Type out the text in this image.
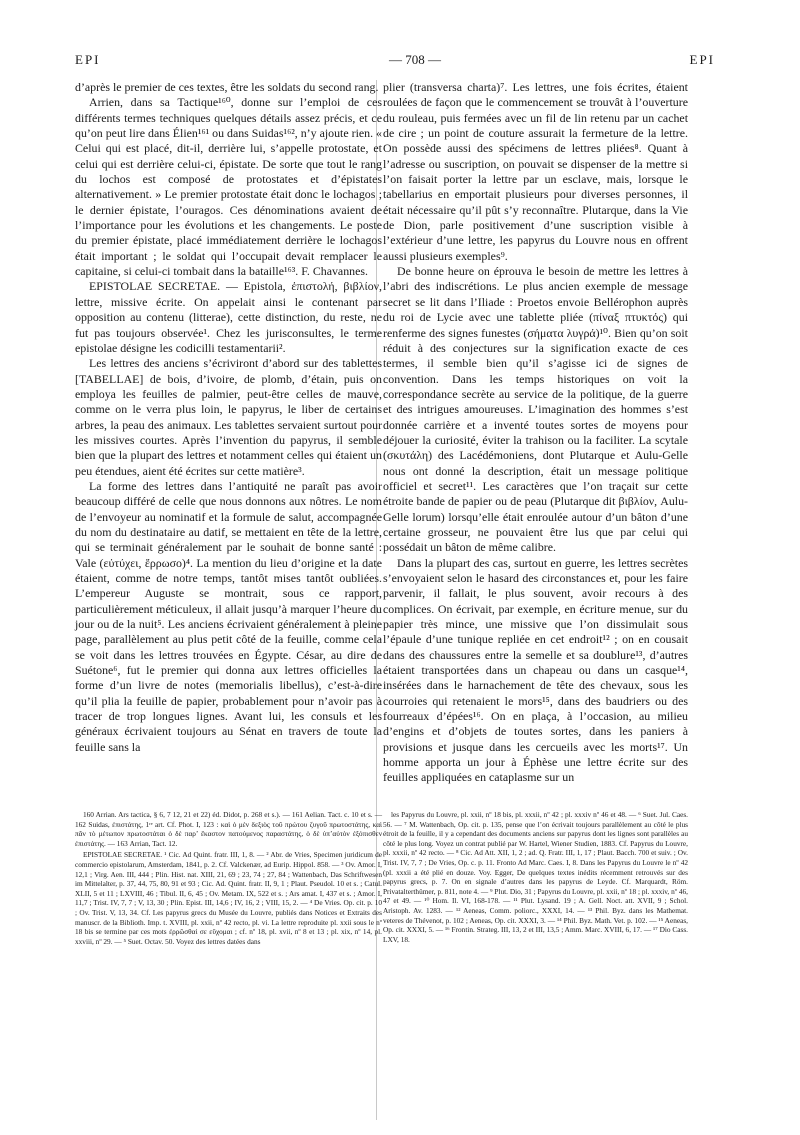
EPI	— 708 —	EPI

d’après le premier de ces textes, être les soldats du second rang.

Arrien, dans sa Tactique¹⁶⁰, donne sur l’emploi de ces différents termes techniques quelques détails assez précis, et ce qu’on peut lire dans Élien¹⁶¹ ou dans Suidas¹⁶², n’y ajoute rien. « Celui qui est placé, dit-il, derrière lui, s’appelle protostate, et celui qui est derrière celui-ci, épistate. De sorte que tout le rang du lochos est composé de protostates et d’épistates alternativement. » Le premier protostate était donc le lochagos ; le dernier épistate, l’ouragos. Ces dénominations avaient de l’importance pour les évolutions et les changements. Le poste du premier épistate, placé immédiatement derrière le lochagos était important ; le soldat qui l’occupait devait remplacer le capitaine, si celui-ci tombait dans la bataille¹⁶³. F. Chavannes.

EPISTOLAE SECRETAE. — Epistola, ἐπιστολή, βιβλίον, lettre, missive écrite. On appelait ainsi le contenant par opposition au contenu (litterae), cette distinction, du reste, ne fut pas toujours observée¹. Chez les jurisconsultes, le terme epistolae désigne les codicilli testamentarii².

Les lettres des anciens s’écriviront d’abord sur des tablettes [TABELLAE] de bois, d’ivoire, de plomb, d’étain, puis on employa les feuilles de palmier, peut-être celles de mauve, comme on le verra plus loin, le papyrus, le liber de certains arbres, la peau des animaux. Les tablettes servaient surtout pour les missives courtes. Après l’invention du papyrus, il semble bien que la plupart des lettres et notamment celles qui étaient un peu étendues, aient été écrites sur cette matière³.

La forme des lettres dans l’antiquité ne paraît pas avoir beaucoup différé de celle que nous donnons aux nôtres. Le nom de l’envoyeur au nominatif et la formule de salut, accompagnée du nom du destinataire au datif, se mettaient en tête de la lettre, qui se terminait généralement par le souhait de bonne santé : Vale (εὐτύχει, ἔρρωσο)⁴. La mention du lieu d’origine et la date étaient, comme de notre temps, tantôt mises tantôt oubliées. L’empereur Auguste se montrait, sous ce rapport, particulièrement méticuleux, il allait jusqu’à marquer l’heure du jour ou de la nuit⁵. Les anciens écrivaient généralement à pleine page, parallèlement au plus petit côté de la feuille, comme cela se voit dans les lettres trouvées en Égypte. César, au dire de Suétone⁶, fut le premier qui donna aux lettres officielles la forme d’un livre de notes (memorialis libellus), c’est-à-dire qu’il plia la feuille de papier, probablement pour n’avoir pas à tracer de trop longues lignes. Avant lui, les consuls et les généraux écrivaient toujours au Sénat en travers de toute la feuille sans la

plier (transversa charta)⁷. Les lettres, une fois écrites, étaient roulées de façon que le commencement se trouvât à l’ouverture du rouleau, puis fermées avec un fil de lin retenu par un cachet de cire ; un point de couture assurait la fermeture de la lettre. On possède aussi des spécimens de lettres pliées⁸. Quant à l’adresse ou suscription, on pouvait se dispenser de la mettre si l’on faisait porter la lettre par un esclave, mais, lorsque le tabellarius en emportait plusieurs pour diverses personnes, il était nécessaire qu’il pût s’y reconnaître. Plutarque, dans la Vie de Dion, parle positivement d’une suscription visible à l’extérieur d’une lettre, les papyrus du Louvre nous en offrent aussi plusieurs exemples⁹.

De bonne heure on éprouva le besoin de mettre les lettres à l’abri des indiscrétions. Le plus ancien exemple de message secret se lit dans l’Iliade : Proetos envoie Bellérophon auprès du roi de Lycie avec une tablette pliée (πίναξ πτυκτός) qui renferme des signes funestes (σήματα λυγρά)¹⁰. Bien qu’on soit réduit à des conjectures sur la signification exacte de ces termes, il semble bien qu’il s’agisse ici de signes de convention. Dans les temps historiques on voit la correspondance secrète au service de la politique, de la guerre et des intrigues amoureuses. L’imagination des hommes s’est donnée carrière et a inventé toutes sortes de moyens pour déjouer la curiosité, éviter la trahison ou la faciliter. La scytale (σκυτάλη) des Lacédémoniens, dont Plutarque et Aulu-Gelle nous ont donné la description, était un message politique officiel et secret¹¹. Les caractères que l’on traçait sur cette étroite bande de papier ou de peau (Plutarque dit βιβλίον, Aulu-Gelle lorum) lorsqu’elle était enroulée autour d’un bâton d’une certaine grosseur, ne pouvaient être lus que par celui qui possédait un bâton de même calibre.

Dans la plupart des cas, surtout en guerre, les lettres secrètes s’envoyaient selon le hasard des circonstances et, pour les faire parvenir, il fallait, le plus souvent, avoir recours à des complices. On écrivait, par exemple, en écriture menue, sur du papier très mince, une missive que l’on dissimulait sous l’épaule d’une tunique repliée en cet endroit¹² ; on en cousait dans des chaussures entre la semelle et sa doublure¹³, d’autres étaient transportées dans un chapeau ou dans un casque¹⁴, insérées dans le harnachement de tête des chevaux, sous les courroies qui retenaient le mors¹⁵, dans des baudriers ou des fourreaux d’épées¹⁶. On en plaça, à l’occasion, au milieu d’engins et d’objets de toutes sortes, dans les paniers à provisions et jusque dans les cercueils avec les morts¹⁷. Un homme apporta un jour à Éphèse une lettre écrite sur des feuilles appliquées en cataplasme sur un

160 Arrian. Ars tactica, § 6, 7 12, 21 et 22) éd. Didot, p. 268 et s.). — 161 Aelian. Tact. c. 10 et s. — 162 Suidas, ἐπιστάτης, 1ʳᵉ art. Cf. Phot. I, 123 : καὶ ὁ μὲν δεξιὸς τοῦ πρώτου ζυγοῦ πρωτοστάτης, καὶ πᾶν τὸ μέτωπον πρωτοστάται ὁ δὲ παρ’ ἕκαστον πατούμενος παραστάτης, ὁ δὲ ὑπ’αὐτὸν ἐξόπισθεν ἐπιστάτης. — 163 Arrian, Tact. 12.

EPISTOLAE SECRETAE. ¹ Cic. Ad Quint. fratr. III, 1, 8. — ² Abr. de Vries, Specimen juridicum de commercio epistolarum, Amsterdam, 1841, p. 2. Cf. Valckenær, ad Eurip. Hippol. 858. — ³ Ov. Amor. I, 12,1 ; Virg. Aen. III, 444 ; Plin. Hist. nat. XIII, 21, 69 ; 23, 74 ; 27, 84 ; Wattenbach, Das Schriftwesen im Mittelalter, p. 37, 44, 75, 80, 91 et 93 ; Cic. Ad. Quint. fratr. II, 9, 1 ; Plaut. Pseudol. 10 et s. ; Catul. XLII, 5 et 11 ; LXVIII, 46 ; Tibul. II, 6, 45 ; Ov. Metam. IX, 522 et s. ; Ars amat. I, 437 et s. ; Amor. I, 11,7 ; Trist. IV, 7, 7 ; V, 13, 30 ; Plin. Epist. III, 14,6 ; IV, 16, 2 ; VIII, 15, 2. — ⁴ De Vries. Op. cit. p. 10 ; Ov. Trist. V, 13, 34. Cf. Les papyrus grecs du Musée du Louvre, publiés dans Notices et Extraits des manuscr. de la Biblioth. Imp. t. XVIII, pl. xxii, nº 42 recto, pl. vi. La lettre reproduite pl. xxii sous le nº 18 bis se termine par ces mots ἐρρῶσθαί σε εὔχομαι ; cf. nº 18, pl. xvii, nº 8 et 13 ; pl. xix, nº 14, pl. xxviii, nº 29. — ⁵ Suet. Octav. 50. Voyez des lettres datées dans

les Papyrus du Louvre, pl. xxii, nº 18 bis, pl. xxxii, nº 42 ; pl. xxxiv nº 46 et 48. — ⁶ Suet. Jul. Caes. 56. — ⁷ M. Wattenbach, Op. cit. p. 135, pense que l’on écrivait toujours parallèlement au côté le plus étroit de la feuille, il y a cependant des documents anciens sur papyrus dont les lignes sont parallèles au côté le plus long. Voyez un contrat publié par W. Hartel, Wiener Studien, 1883. Cf. Papyrus du Louvre, pl. xxxii, nº 42 recto. — ⁸ Cic. Ad Att. XII, 1, 2 ; ad. Q. Fratr. III, 1, 17 ; Plaut. Bacch. 700 et suiv. ; Ov. Trist. IV, 7, 7 ; De Vries, Op. c. p. 11. Fronto Ad Marc. Caes. I, 8. Dans les Papyrus du Louvre le nº 42 (pl. xxxii a été plié en douze. Voy. Egger, De quelques textes inédits récemment retrouvés sur des papyrus grecs, p. 7. On en signale d’autres dans les papyrus de Leyde. Cf. Marquardt, Röm. Privatalterthümer, p. 811, note 4. — ⁹ Plut. Dio, 31 ; Papyrus du Louvre, pl. xxii, nº 18 ; pl. xxxiv, nº 46, 47 et 49. — ¹⁰ Hom. Il. VI, 168-178. — ¹¹ Plut. Lysand. 19 ; A. Gell. Noct. att. XVII, 9 ; Schol. Aristoph. Av. 1283. — ¹² Aeneas, Comm. poliorc., XXXI, 14. — ¹³ Phil. Byz. dans les Mathemat. veteres de Thévenot, p. 102 ; Aeneas, Op. cit. XXXI, 3. — ¹⁴ Phil. Byz. Math. Vet. p. 102. — ¹⁵ Aeneas, Op. cit. XXXI, 5. — ¹⁶ Frontin. Strateg. III, 13, 2 et III, 13,5 ; Amm. Marc. XVIII, 6, 17. — ¹⁷ Dio Cass. LXV, 18.
